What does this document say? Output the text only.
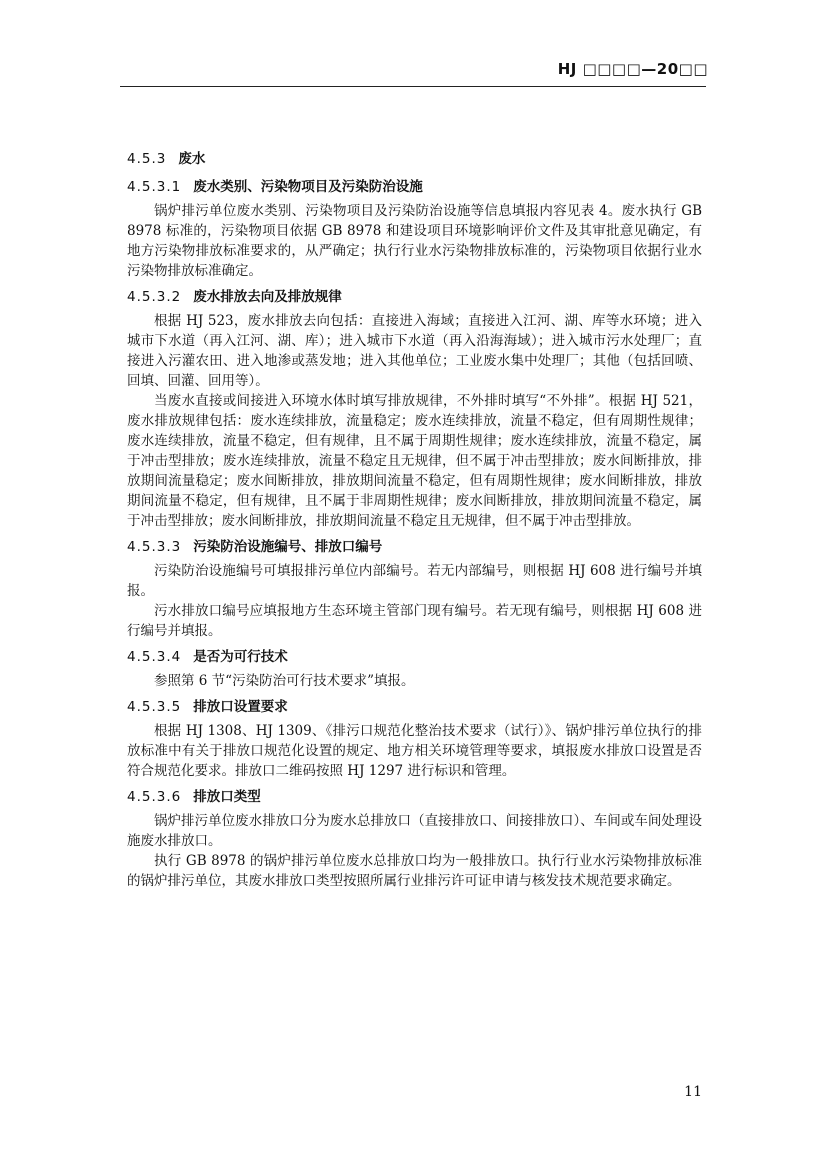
HJ □□□□—20□□
4.5.3 废水
4.5.3.1 废水类别、污染物项目及污染防治设施

锅炉排污单位废水类别、污染物项目及污染防治设施等信息填报内容见表 4。废水执行 GB 8978 标准的，污染物项目依据 GB 8978 和建设项目环境影响评价文件及其审批意见确定，有地方污染物排放标准要求的，从严确定；执行行业水污染物排放标准的，污染物项目依据行业水污染物排放标准确定。

4.5.3.2 废水排放去向及排放规律

根据 HJ 523，废水排放去向包括：直接进入海域；直接进入江河、湖、库等水环境；进入城市下水道（再入江河、湖、库）；进入城市下水道（再入沿海海域）；进入城市污水处理厂；直接进入污灌农田、进入地渗或蒸发地；进入其他单位；工业废水集中处理厂；其他（包括回喷、回填、回灌、回用等）。

当废水直接或间接进入环境水体时填写排放规律，不外排时填写“不外排”。根据 HJ 521，废水排放规律包括：废水连续排放，流量稳定；废水连续排放，流量不稳定，但有周期性规律；废水连续排放，流量不稳定，但有规律，且不属于周期性规律；废水连续排放，流量不稳定，属于冲击型排放；废水连续排放，流量不稳定且无规律，但不属于冲击型排放；废水间断排放，排放期间流量稳定；废水间断排放，排放期间流量不稳定，但有周期性规律；废水间断排放，排放期间流量不稳定，但有规律，且不属于非周期性规律；废水间断排放，排放期间流量不稳定，属于冲击型排放；废水间断排放，排放期间流量不稳定且无规律，但不属于冲击型排放。

4.5.3.3 污染防治设施编号、排放口编号

污染防治设施编号可填报排污单位内部编号。若无内部编号，则根据 HJ 608 进行编号并填报。

污水排放口编号应填报地方生态环境主管部门现有编号。若无现有编号，则根据 HJ 608 进行编号并填报。

4.5.3.4 是否为可行技术

参照第 6 节“污染防治可行技术要求”填报。

4.5.3.5 排放口设置要求

根据 HJ 1308、HJ 1309、《排污口规范化整治技术要求（试行）》、锅炉排污单位执行的排放标准中有关于排放口规范化设置的规定、地方相关环境管理等要求，填报废水排放口设置是否符合规范化要求。排放口二维码按照 HJ 1297 进行标识和管理。

4.5.3.6 排放口类型

锅炉排污单位废水排放口分为废水总排放口（直接排放口、间接排放口）、车间或车间处理设施废水排放口。

执行 GB 8978 的锅炉排污单位废水总排放口均为一般排放口。执行行业水污染物排放标准的锅炉排污单位，其废水排放口类型按照所属行业排污许可证申请与核发技术规范要求确定。

11
